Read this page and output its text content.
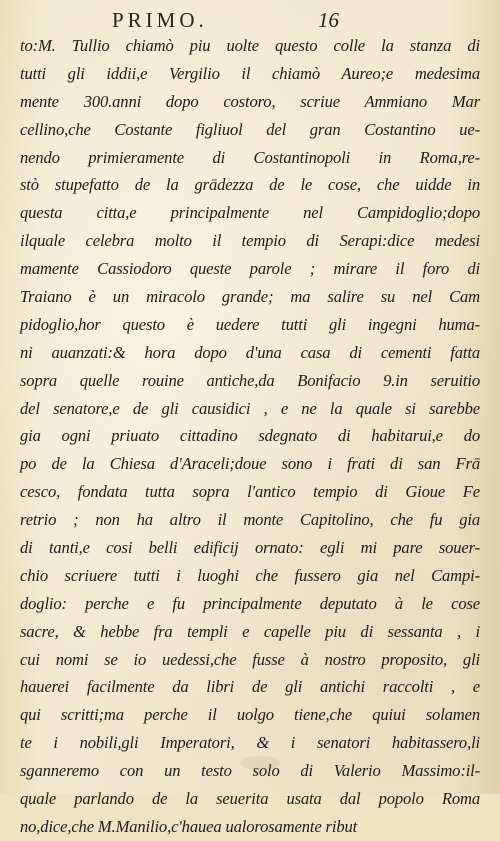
PRIMO.	16
to:M. Tullio chiamò piu uolte questo colle la stanza di
tutti gli iddii,e Vergilio il chiamò Aureo;e medesima
mente 300.anni dopo costoro, scriue Ammiano Mar
cellino,che Costante figliuol del gran Costantino ue-
nendo primieramente di Costantinopoli in Roma,re-
stò stupefatto de la grādezza de le cose, che uidde in
questa citta,e principalmente nel Campidoglio;dopo
ilquale celebra molto il tempio di Serapi:dice medesi
mamente Cassiodoro queste parole ; mirare il foro di
Traiano è un miracolo grande; ma salire su nel Cam
pidoglio,hor questo è uedere tutti gli ingegni huma-
ni auanzati:& hora dopo d'una casa di cementi fatta
sopra quelle rouine antiche,da Bonifacio 9.in seruitio
del senatore,e de gli causidici , e ne la quale si sarebbe
gia ogni priuato cittadino sdegnato di habitarui,e do
po de la Chiesa d'Araceli;doue sono i frati di san Frā
cesco, fondata tutta sopra l'antico tempio di Gioue Fe
retrio ; non ha altro il monte Capitolino, che fu gia
di tanti,e cosi belli edificij ornato: egli mi pare souer-
chio scriuere tutti i luoghi che fussero gia nel Campi-
doglio: perche e fu principalmente deputato à le cose
sacre, & hebbe fra templi e capelle piu di sessanta , i
cui nomi se io uedessi,che fusse à nostro proposito, gli
hauerei facilmente da libri de gli antichi raccolti , e
qui scritti;ma perche il uolgo tiene,che quiui solamen
te i nobili,gli Imperatori, & i senatori habitassero,li
sganneremo con un testo solo di Valerio Massimo:il-
quale parlando de la seuerita usata dal popolo Roma
no,dice,che M.Manilio,c'hauea ualorosamente ribut
